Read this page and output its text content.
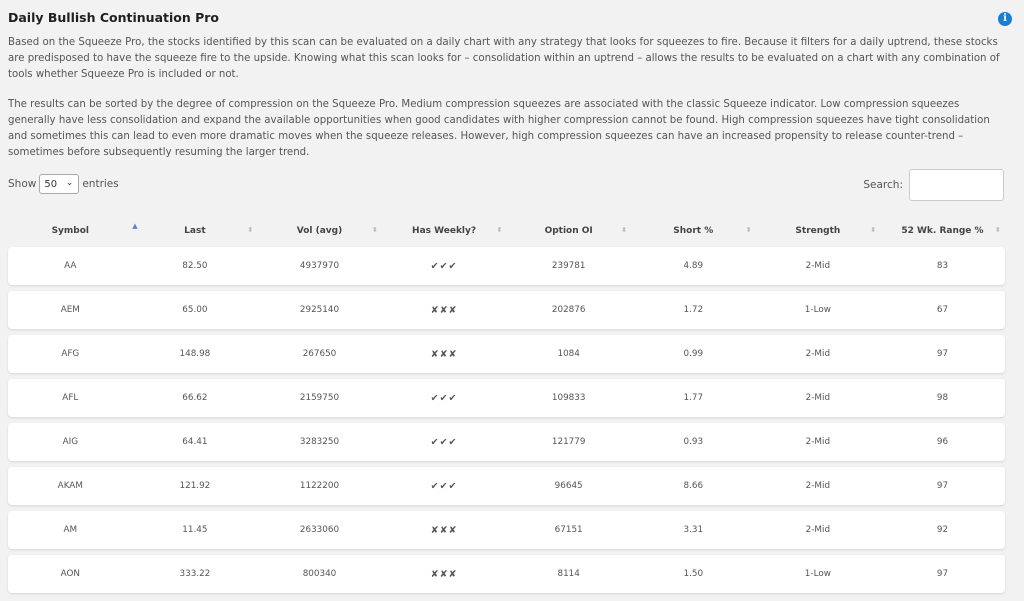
Daily Bullish Continuation Pro	i

Based on the Squeeze Pro, the stocks identified by this scan can be evaluated on a daily chart with any strategy that looks for squeezes to fire. Because it filters for a daily uptrend, these stocks are predisposed to have the squeeze fire to the upside. Knowing what this scan looks for – consolidation within an uptrend – allows the results to be evaluated on a chart with any combination of tools whether Squeeze Pro is included or not.

The results can be sorted by the degree of compression on the Squeeze Pro. Medium compression squeezes are associated with the classic Squeeze indicator. Low compression squeezes generally have less consolidation and expand the available opportunities when good candidates with higher compression cannot be found. High compression squeezes have tight consolidation and sometimes this can lead to even more dramatic moves when the squeeze releases. However, high compression squeezes can have an increased propensity to release counter-trend – sometimes before subsequently resuming the larger trend.

Show 50 ⌄ entries	Search:
Symbol	▲	Last	⬍	Vol (avg)	⬍	Has Weekly?	⬍	Option OI	⬍	Short %	⬍	Strength	⬍	52 Wk. Range % ⬍
AA	82.50	4937970	✔✔✔	239781	4.89	2-Mid	83
AEM	65.00	2925140	✘✘✘	202876	1.72	1-Low	67
AFG	148.98	267650	✘✘✘	1084	0.99	2-Mid	97
AFL	66.62	2159750	✔✔✔	109833	1.77	2-Mid	98
AIG	64.41	3283250	✔✔✔	121779	0.93	2-Mid	96
AKAM	121.92	1122200	✔✔✔	96645	8.66	2-Mid	97
AM	11.45	2633060	✘✘✘	67151	3.31	2-Mid	92
AON	333.22	800340	✘✘✘	8114	1.50	1-Low	97
